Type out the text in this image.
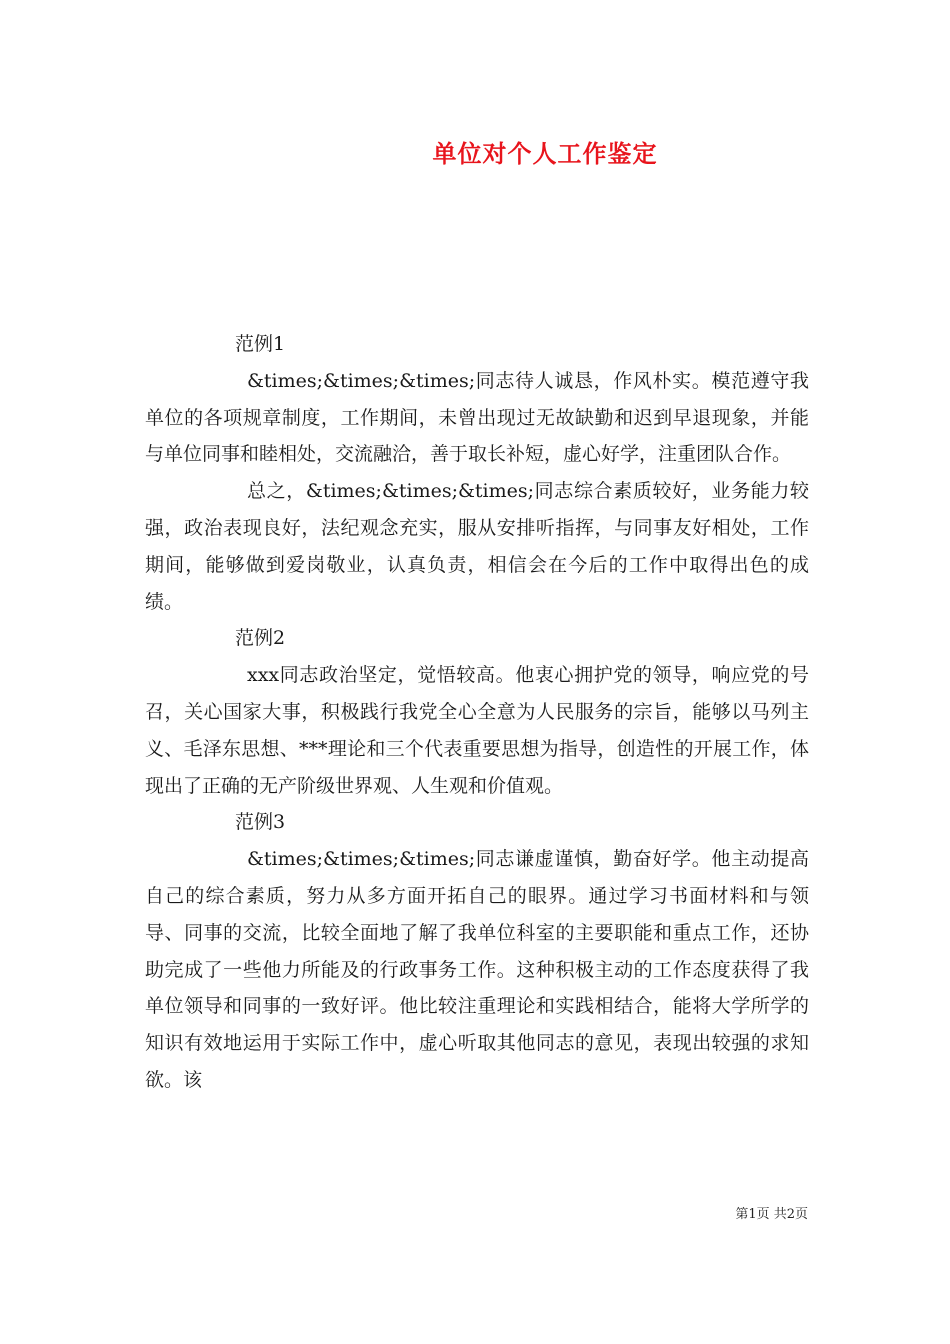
单位对个人工作鉴定

范例1

&times;&times;&times;同志待人诚恳，作风朴实。模范遵守我单位的各项规章制度，工作期间，未曾出现过无故缺勤和迟到早退现象，并能与单位同事和睦相处，交流融洽，善于取长补短，虚心好学，注重团队合作。

总之，&times;&times;&times;同志综合素质较好，业务能力较强，政治表现良好，法纪观念充实，服从安排听指挥，与同事友好相处，工作期间，能够做到爱岗敬业，认真负责，相信会在今后的工作中取得出色的成绩。

范例2

xxx同志政治坚定，觉悟较高。他衷心拥护党的领导，响应党的号召，关心国家大事，积极践行我党全心全意为人民服务的宗旨，能够以马列主义、毛泽东思想、***理论和三个代表重要思想为指导，创造性的开展工作，体现出了正确的无产阶级世界观、人生观和价值观。

范例3

&times;&times;&times;同志谦虚谨慎，勤奋好学。他主动提高自己的综合素质，努力从多方面开拓自己的眼界。通过学习书面材料和与领导、同事的交流，比较全面地了解了我单位科室的主要职能和重点工作，还协助完成了一些他力所能及的行政事务工作。这种积极主动的工作态度获得了我单位领导和同事的一致好评。他比较注重理论和实践相结合，能将大学所学的知识有效地运用于实际工作中，虚心听取其他同志的意见，表现出较强的求知欲。该

第1页 共2页
